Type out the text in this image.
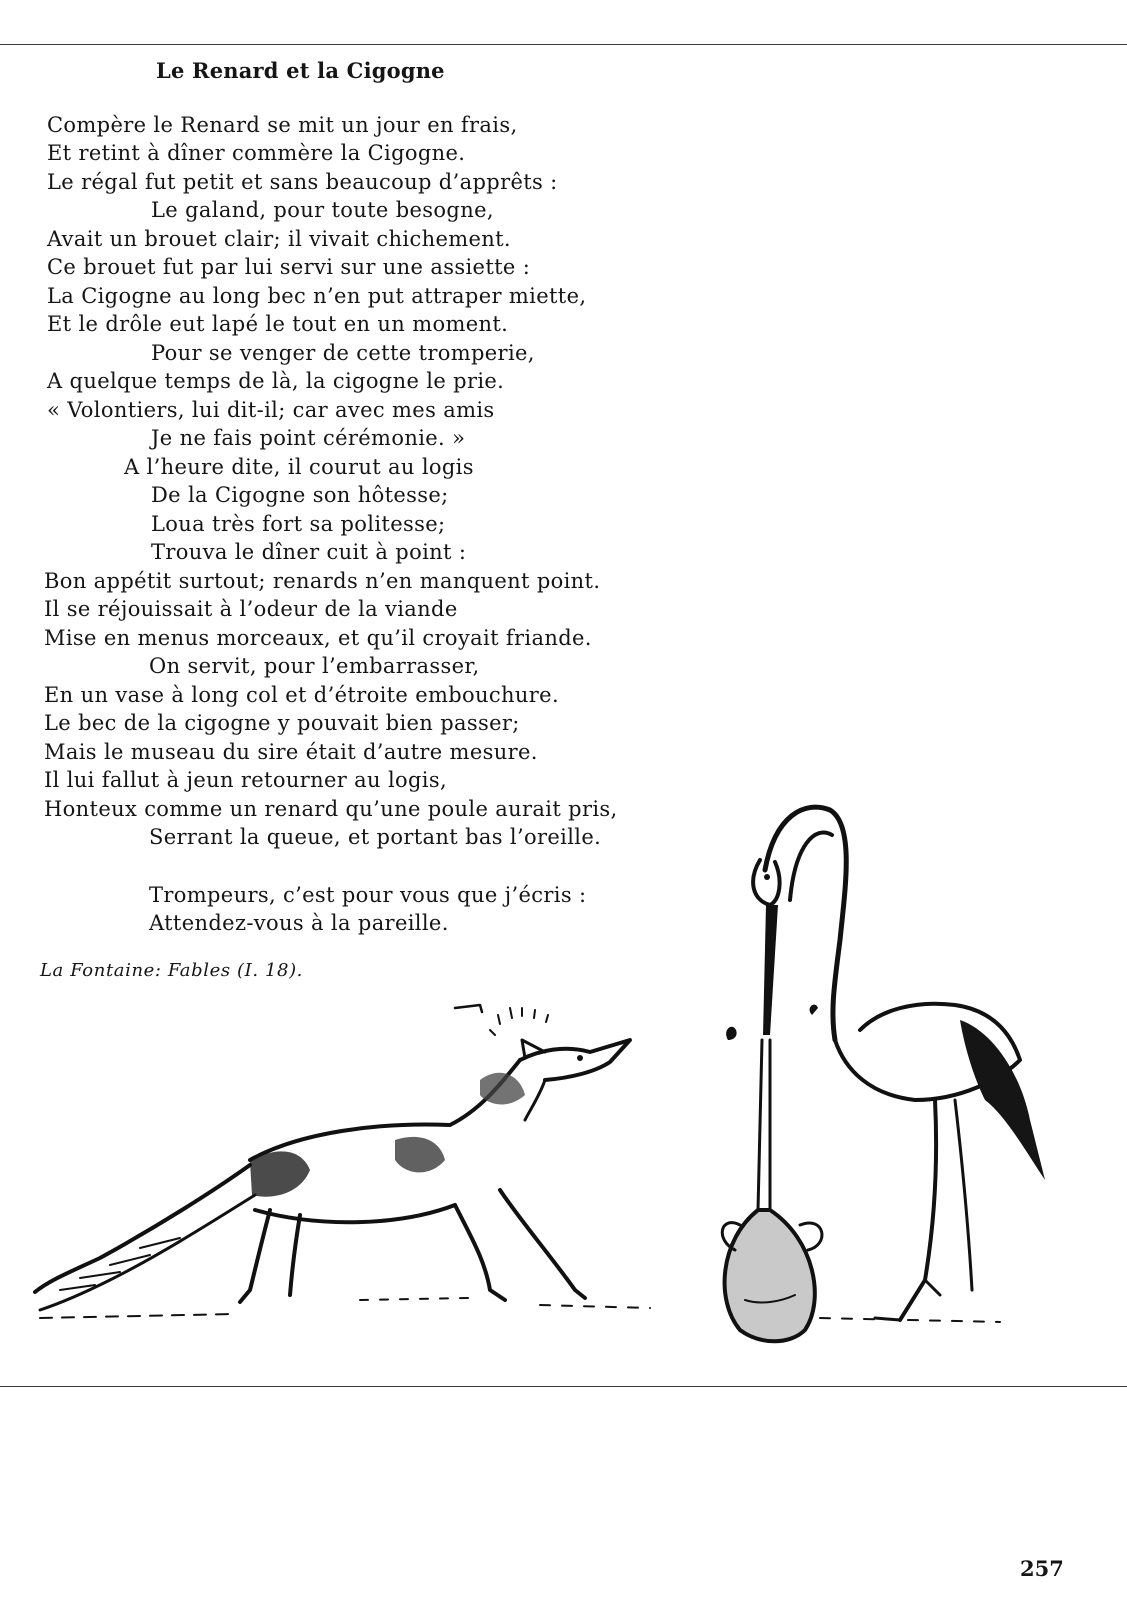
Le Renard et la Cigogne
Compère le Renard se mit un jour en frais,
Et retint à dîner commère la Cigogne.
Le régal fut petit et sans beaucoup d’apprêts :
Le galand, pour toute besogne,
Avait un brouet clair; il vivait chichement.
Ce brouet fut par lui servi sur une assiette :
La Cigogne au long bec n’en put attraper miette,
Et le drôle eut lapé le tout en un moment.
Pour se venger de cette tromperie,
A quelque temps de là, la cigogne le prie.
« Volontiers, lui dit-il; car avec mes amis
Je ne fais point cérémonie. »
A l’heure dite, il courut au logis
De la Cigogne son hôtesse;
Loua très fort sa politesse;
Trouva le dîner cuit à point :
Bon appétit surtout; renards n’en manquent point.
Il se réjouissait à l’odeur de la viande
Mise en menus morceaux, et qu’il croyait friande.
On servit, pour l’embarrasser,
En un vase à long col et d’étroite embouchure.
Le bec de la cigogne y pouvait bien passer;
Mais le museau du sire était d’autre mesure.
Il lui fallut à jeun retourner au logis,
Honteux comme un renard qu’une poule aurait pris,
Serrant la queue, et portant bas l’oreille.
Trompeurs, c’est pour vous que j’écris :
Attendez-vous à la pareille.

La Fontaine: Fables (I. 18).

257
